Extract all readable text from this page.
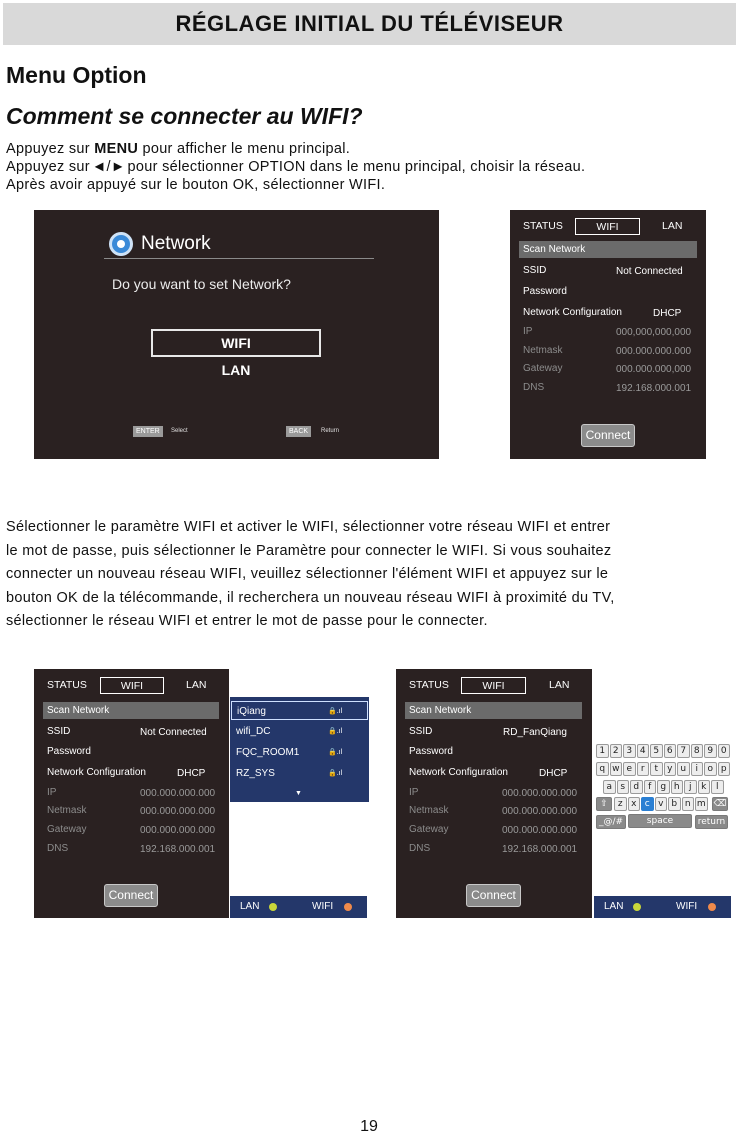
RÉGLAGE INITIAL DU TÉLÉVISEUR
Menu Option
Comment se connecter au WIFI?
Appuyez sur MENU pour afficher le menu principal.
Appuyez sur ◄/► pour sélectionner OPTION dans le menu principal, choisir la réseau.
Après avoir appuyé sur le bouton OK, sélectionner WIFI.
Network
Do you want to set Network?
WIFI
LAN
ENTER	Select	BACK	Return
STATUS	WIFI	LAN
Scan Network
SSID	Not Connected
Password
Network Configuration	DHCP
IP	000,000,000,000
Netmask	000.000.000.000
Gateway	000.000.000,000
DNS	192.168.000.001
Connect
Sélectionner le paramètre WIFI et activer le WIFI, sélectionner votre réseau WIFI et entrer
le mot de passe, puis sélectionner le Paramètre pour connecter le WIFI. Si vous souhaitez
connecter un nouveau réseau WIFI, veuillez sélectionner l'élément WIFI et appuyez sur le
bouton OK de la télécommande, il recherchera un nouveau réseau WIFI à proximité du TV,
sélectionner le réseau WIFI et entrer le mot de passe pour le connecter.
STATUS	WIFI	LAN
Scan Network
SSID	Not Connected
Password
Network Configuration	DHCP
IP	000.000.000.000
Netmask	000.000.000.000
Gateway	000.000.000.000
DNS	192.168.000.001
Connect
iQiang	🔒.ıl
wifi_DC	🔒.ıl
FQC_ROOM1	🔒.ıl
RZ_SYS	🔒.ıl
▼
LAN	WIFI
STATUS	WIFI	LAN
Scan Network
SSID	RD_FanQiang
Password
Network Configuration	DHCP
IP	000.000.000.000
Netmask	000.000.000.000
Gateway	000.000.000.000
DNS	192.168.000.001
Connect
1 2 3 4 5 6 7 8 9 0
q w e r	t	y u	i	o p
a s d	f	g h	j	k	l
⇧	z x c v b n m ⌫
_@/#	space	return
LAN	WIFI
19
